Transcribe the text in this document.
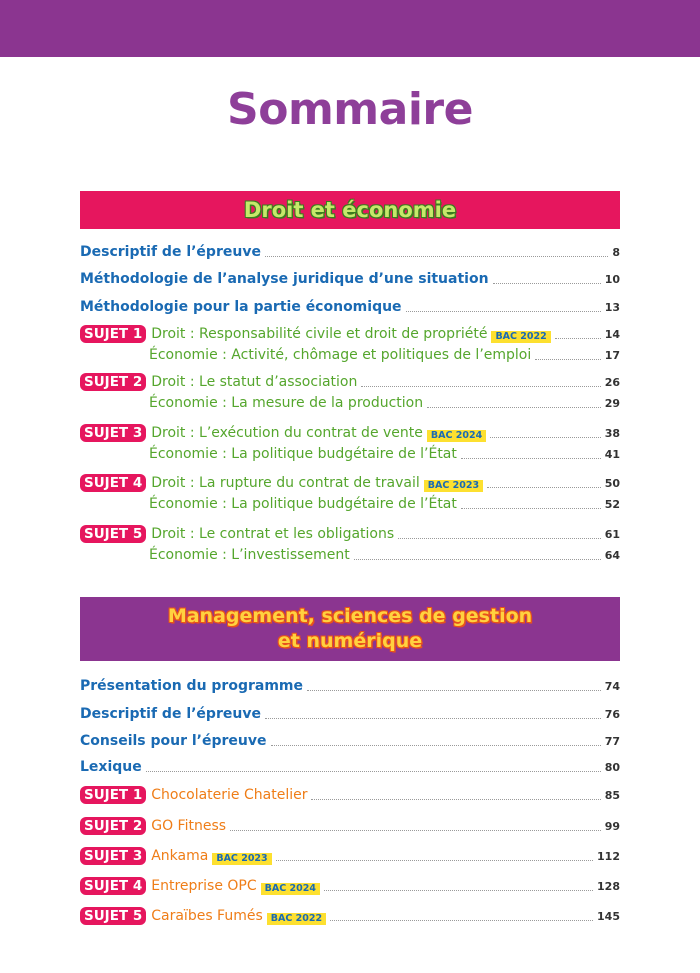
Sommaire
Droit et économie
Descriptif de l’épreuve	8
Méthodologie de l’analyse juridique d’une situation	10
Méthodologie pour la partie économique	13
SUJET 1 Droit : Responsabilité civile et droit de propriété BAC 2022	14
Économie : Activité, chômage et politiques de l’emploi	17
SUJET 2 Droit : Le statut d’association	26
Économie : La mesure de la production	29
SUJET 3 Droit : L’exécution du contrat de vente BAC 2024	38
Économie : La politique budgétaire de l’État	41
SUJET 4 Droit : La rupture du contrat de travail BAC 2023	50
Économie : La politique budgétaire de l’État	52
SUJET 5 Droit : Le contrat et les obligations	61
Économie : L’investissement	64
Management, sciences de gestion
et numérique
Présentation du programme	74
Descriptif de l’épreuve	76
Conseils pour l’épreuve	77
Lexique	80
SUJET 1 Chocolaterie Chatelier	85
SUJET 2 GO Fitness	99
SUJET 3 Ankama BAC 2023	112
SUJET 4 Entreprise OPC BAC 2024	128
SUJET 5 Caraïbes Fumés BAC 2022	145
